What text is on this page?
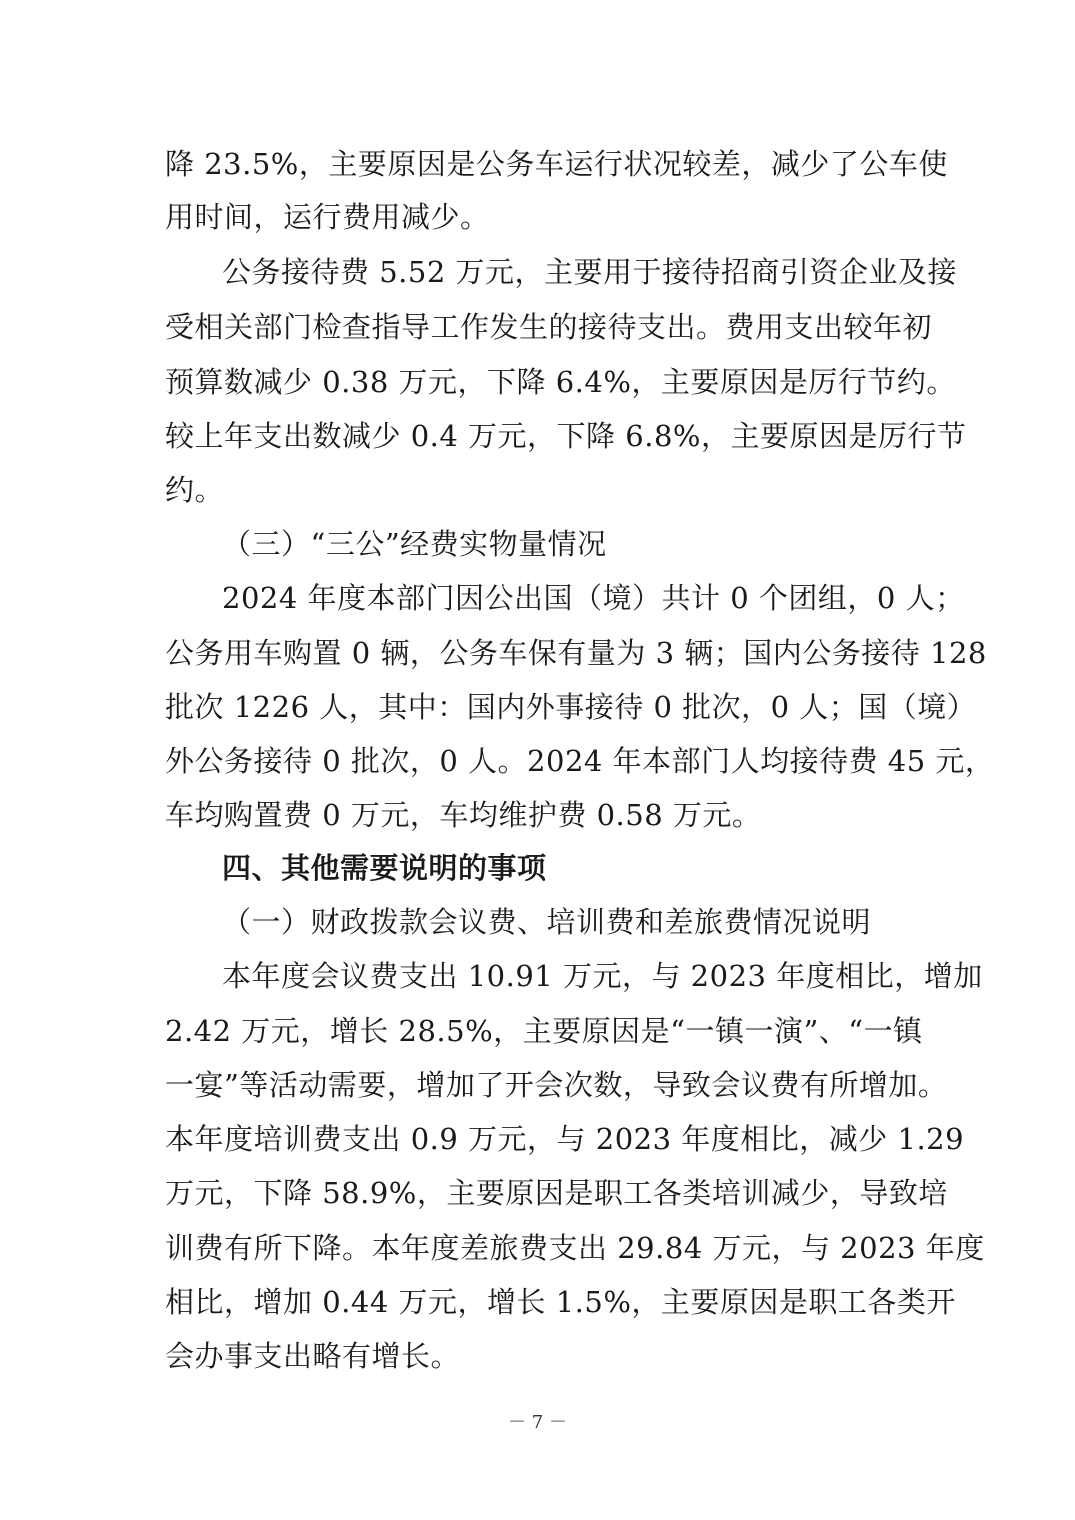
降 23.5%，主要原因是公务车运行状况较差，减少了公车使
用时间，运行费用减少。
公务接待费 5.52 万元，主要用于接待招商引资企业及接
受相关部门检查指导工作发生的接待支出。费用支出较年初
预算数减少 0.38 万元，下降 6.4%，主要原因是厉行节约。
较上年支出数减少 0.4 万元，下降 6.8%，主要原因是厉行节
约。
（三）“三公”经费实物量情况
2024 年度本部门因公出国（境）共计 0 个团组，0 人；
公务用车购置 0 辆，公务车保有量为 3 辆；国内公务接待 128
批次 1226 人，其中：国内外事接待 0 批次，0 人；国（境）
外公务接待 0 批次，0 人。2024 年本部门人均接待费 45 元，
车均购置费 0 万元，车均维护费 0.58 万元。
四、其他需要说明的事项
（一）财政拨款会议费、培训费和差旅费情况说明
本年度会议费支出 10.91 万元，与 2023 年度相比，增加
2.42 万元，增长 28.5%，主要原因是“一镇一演”、“一镇
一宴”等活动需要，增加了开会次数，导致会议费有所增加。
本年度培训费支出 0.9 万元，与 2023 年度相比，减少 1.29
万元，下降 58.9%，主要原因是职工各类培训减少，导致培
训费有所下降。本年度差旅费支出 29.84 万元，与 2023 年度
相比，增加 0.44 万元，增长 1.5%，主要原因是职工各类开
会办事支出略有增长。
－ 7 －
